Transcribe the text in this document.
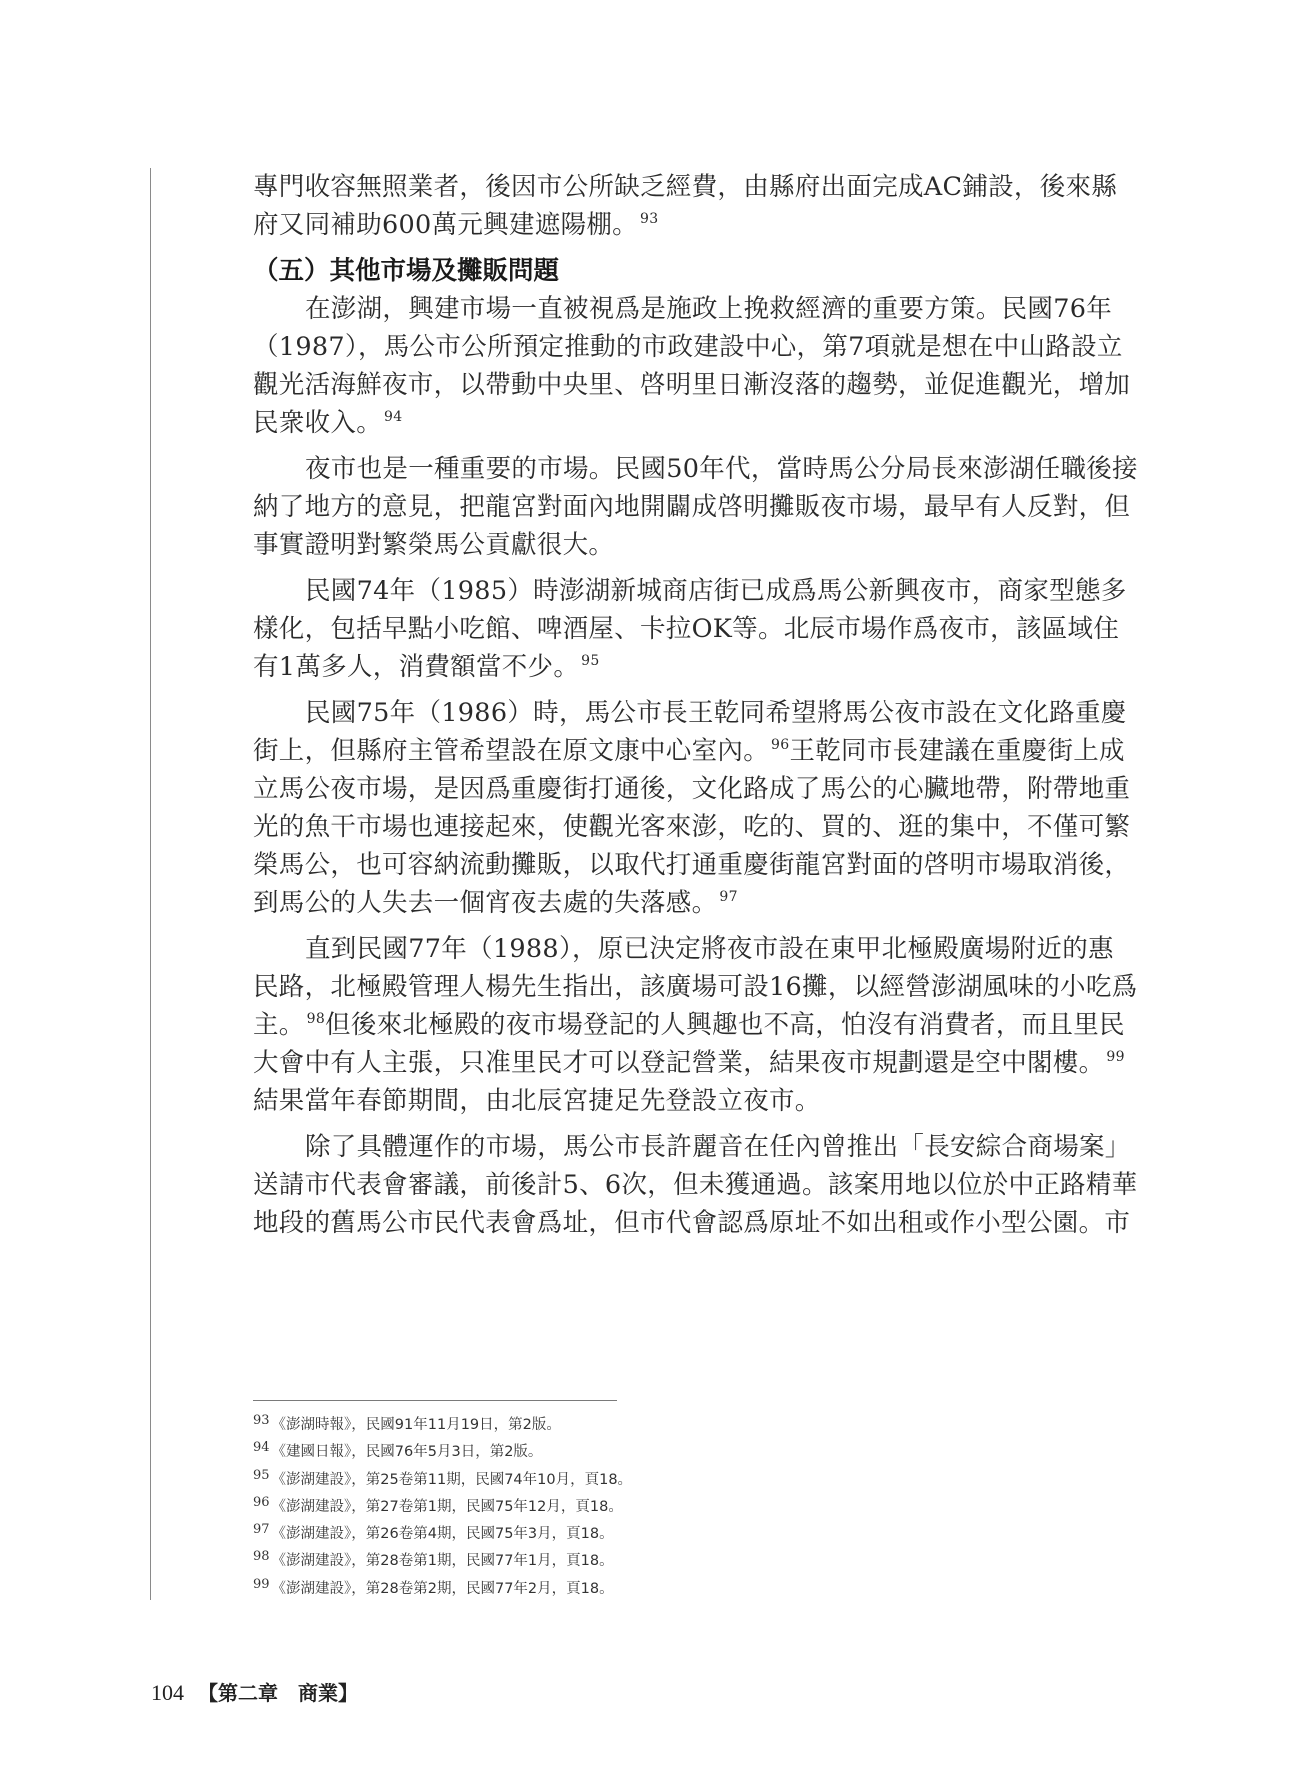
專門收容無照業者，後因市公所缺乏經費，由縣府出面完成AC鋪設，後來縣
府又同補助600萬元興建遮陽棚。 $^{93}$
（五）其他市場及攤販問題
在澎湖，興建市場一直被視爲是施政上挽救經濟的重要方策。民國76年
（1987），馬公市公所預定推動的市政建設中心，第7項就是想在中山路設立
觀光活海鮮夜市，以帶動中央里、啓明里日漸沒落的趨勢，並促進觀光，增加
民衆收入。 $^{94}$
夜市也是一種重要的市場。民國50年代，當時馬公分局長來澎湖任職後接
納了地方的意見，把龍宮對面內地開闢成啓明攤販夜市場，最早有人反對，但
事實證明對繁榮馬公貢獻很大。
民國74年（1985）時澎湖新城商店街已成爲馬公新興夜市，商家型態多
樣化，包括早點小吃館、啤酒屋、卡拉OK等。北辰市場作爲夜市，該區域住
有1萬多人，消費額當不少。 $^{95}$
民國75年（1986）時，馬公市長王乾同希望將馬公夜市設在文化路重慶
街上，但縣府主管希望設在原文康中心室內。 $^{96}$王乾同市長建議在重慶街上成
立馬公夜市場，是因爲重慶街打通後，文化路成了馬公的心臟地帶，附帶地重
光的魚干市場也連接起來，使觀光客來澎，吃的、買的、逛的集中，不僅可繁
榮馬公，也可容納流動攤販，以取代打通重慶街龍宮對面的啓明市場取消後，
到馬公的人失去一個宵夜去處的失落感。 $^{97}$
直到民國77年（1988），原已決定將夜市設在東甲北極殿廣場附近的惠
民路，北極殿管理人楊先生指出，該廣場可設16攤，以經營澎湖風味的小吃爲
主。 $^{98}$但後來北極殿的夜市場登記的人興趣也不高，怕沒有消費者，而且里民
大會中有人主張，只准里民才可以登記營業，結果夜市規劃還是空中閣樓。 $^{99}$
結果當年春節期間，由北辰宮捷足先登設立夜市。
除了具體運作的市場，馬公市長許麗音在任內曾推出「長安綜合商場案」
送請市代表會審議，前後計5、6次，但未獲通過。該案用地以位於中正路精華
地段的舊馬公市民代表會爲址，但市代會認爲原址不如出租或作小型公園。市
93 《澎湖時報》，民國91年11月19日，第2版。
94 《建國日報》，民國76年5月3日，第2版。
95 《澎湖建設》，第25卷第11期，民國74年10月，頁18。
96 《澎湖建設》，第27卷第1期，民國75年12月，頁18。
97 《澎湖建設》，第26卷第4期，民國75年3月，頁18。
98 《澎湖建設》，第28卷第1期，民國77年1月，頁18。
99 《澎湖建設》，第28卷第2期，民國77年2月，頁18。
104 【第二章　商業】
